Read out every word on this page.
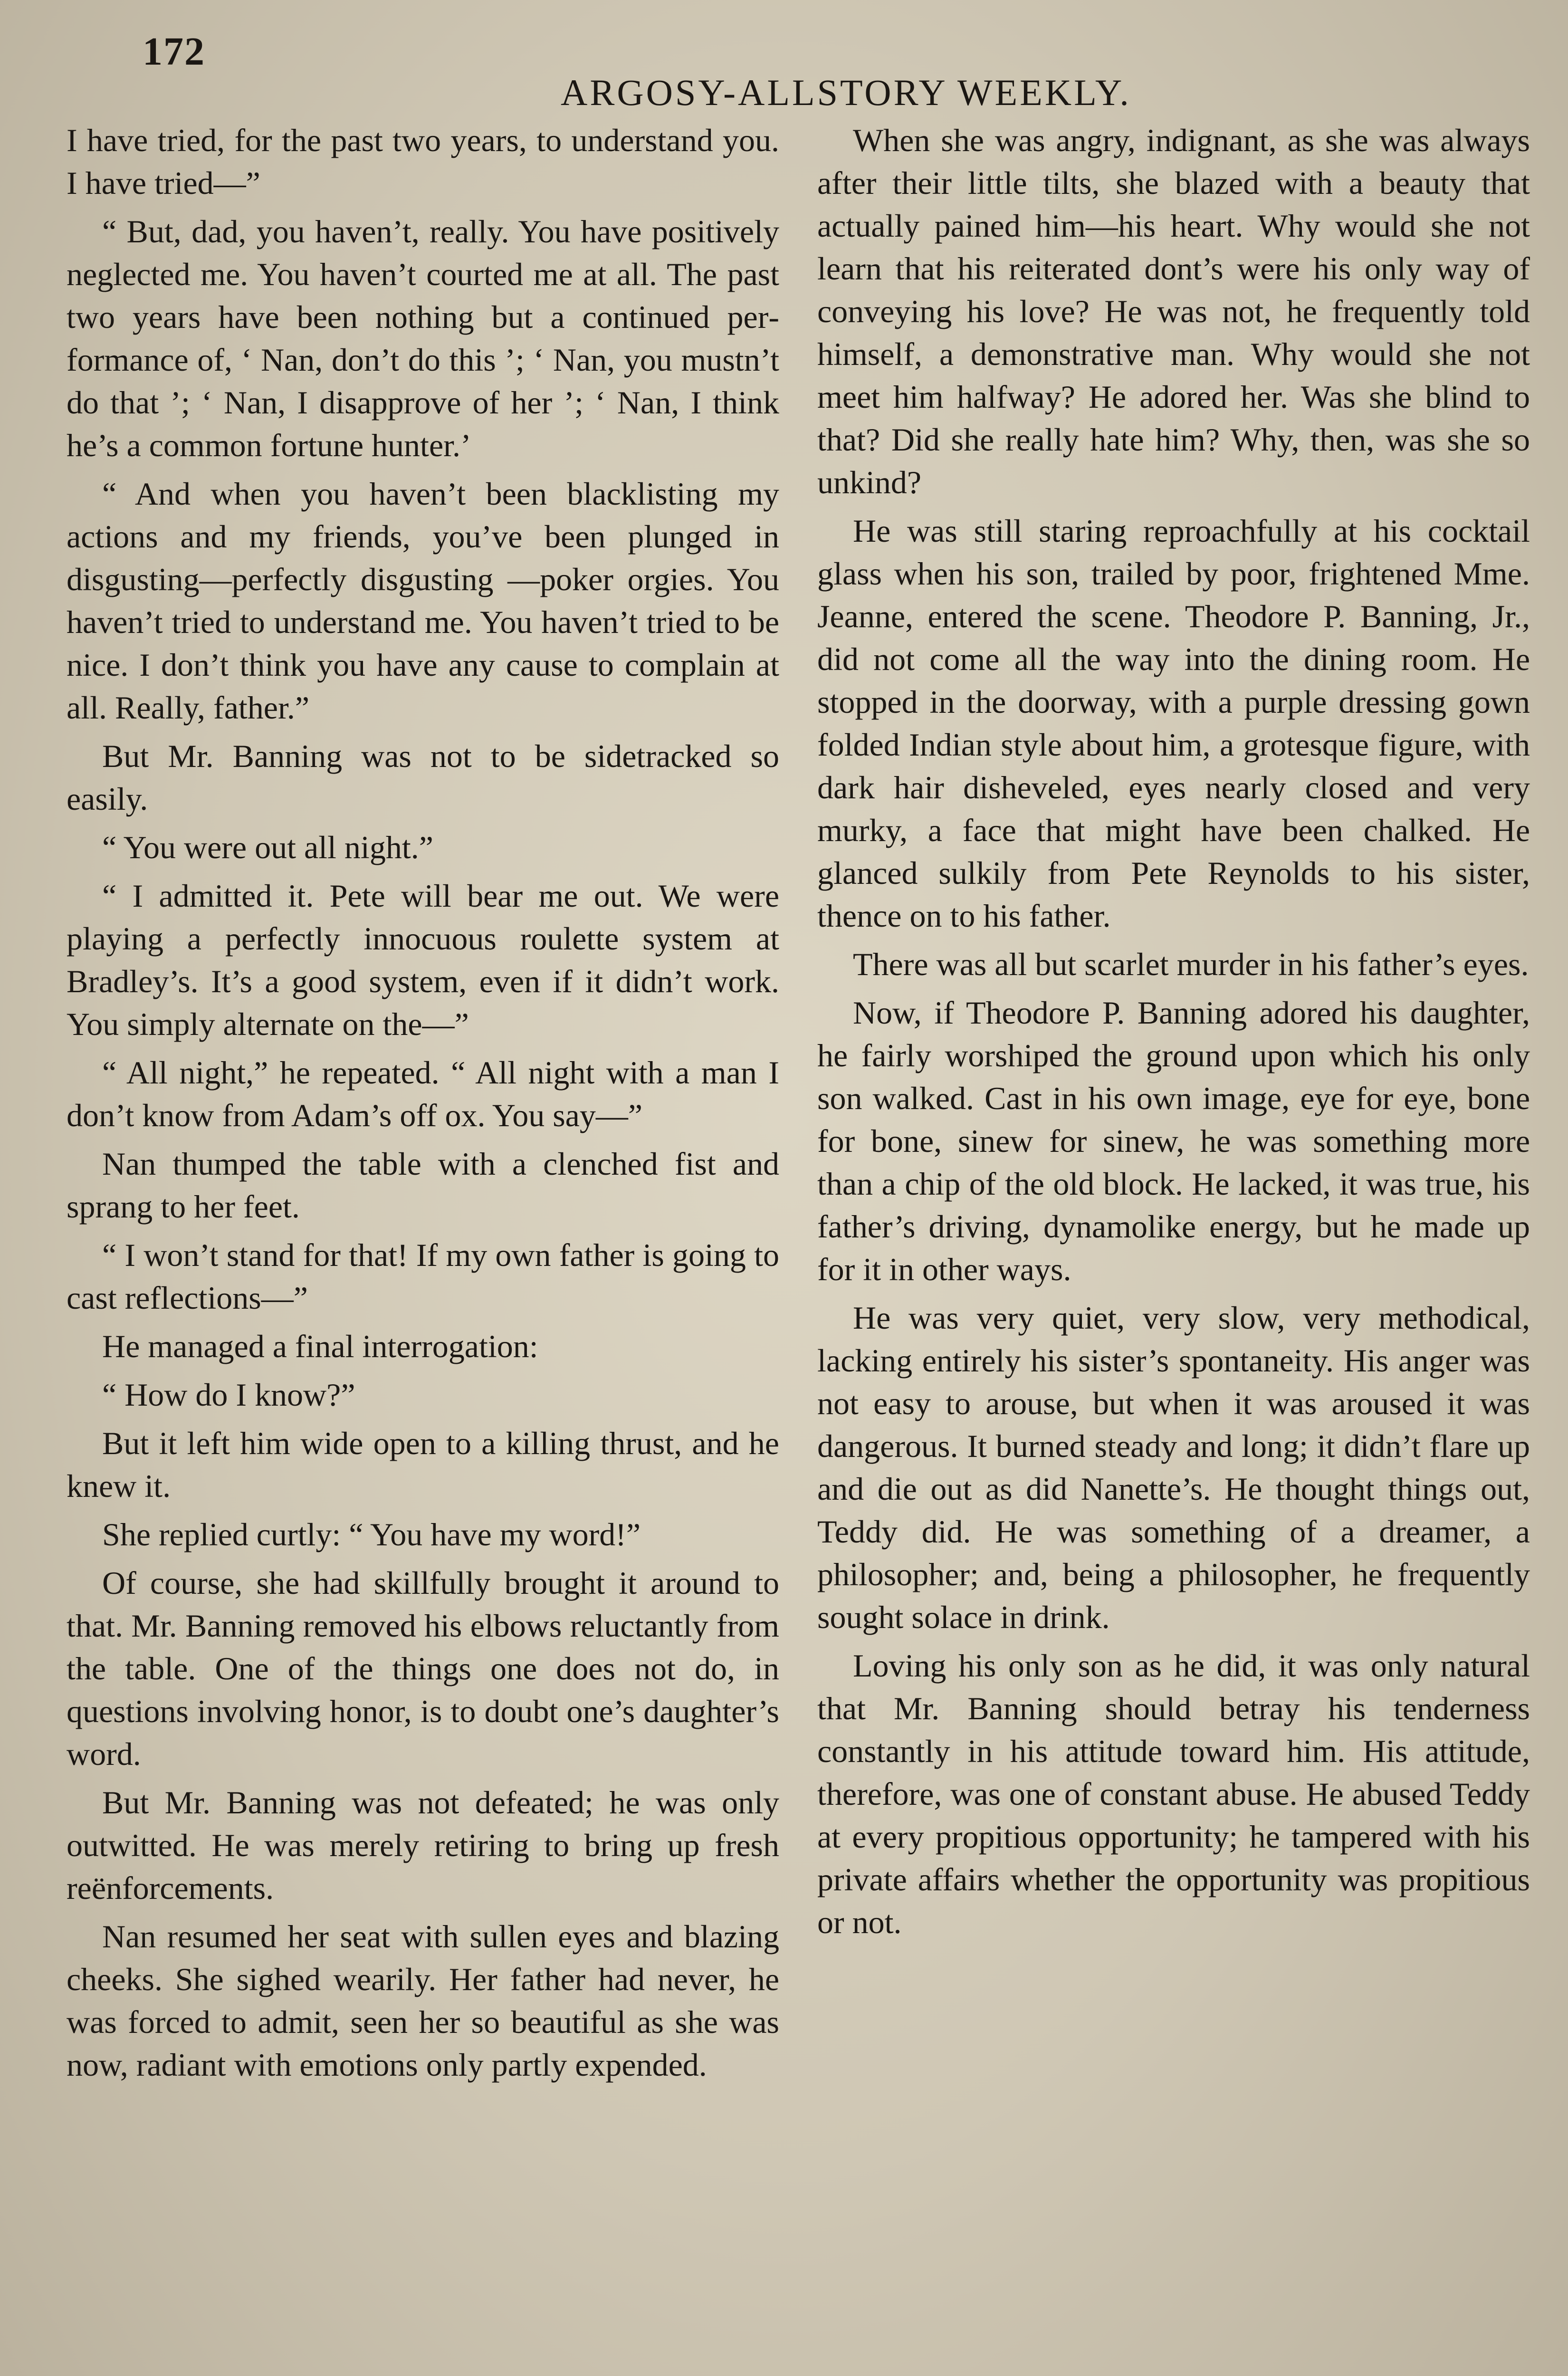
172
ARGOSY-ALLSTORY WEEKLY.

I have tried, for the past two years, to understand you. I have tried—”

“ But, dad, you haven’t, really. You have positively neglected me. You haven’t courted me at all. The past two years have been nothing but a continued performance of, ‘ Nan, don’t do this ’; ‘ Nan, you mustn’t do that ’; ‘ Nan, I disapprove of her ’; ‘ Nan, I think he’s a common fortune hunter.’

“ And when you haven’t been blacklisting my actions and my friends, you’ve been plunged in disgusting—perfectly disgusting —poker orgies. You haven’t tried to understand me. You haven’t tried to be nice. I don’t think you have any cause to complain at all. Really, father.”

But Mr. Banning was not to be sidetracked so easily.

“ You were out all night.”

“ I admitted it. Pete will bear me out. We were playing a perfectly innocuous roulette system at Bradley’s. It’s a good system, even if it didn’t work. You simply alternate on the—”

“ All night,” he repeated. “ All night with a man I don’t know from Adam’s off ox. You say—”

Nan thumped the table with a clenched fist and sprang to her feet.

“ I won’t stand for that! If my own father is going to cast reflections—”

He managed a final interrogation:

“ How do I know?”

But it left him wide open to a killing thrust, and he knew it.

She replied curtly: “ You have my word!”

Of course, she had skillfully brought it around to that. Mr. Banning removed his elbows reluctantly from the table. One of the things one does not do, in questions involving honor, is to doubt one’s daughter’s word.

But Mr. Banning was not defeated; he was only outwitted. He was merely retiring to bring up fresh reënforcements.

Nan resumed her seat with sullen eyes and blazing cheeks. She sighed wearily. Her father had never, he was forced to admit, seen her so beautiful as she was now, radiant with emotions only partly expended.

When she was angry, indignant, as she was always after their little tilts, she blazed with a beauty that actually pained him—his heart. Why would she not learn that his reiterated dont’s were his only way of conveying his love? He was not, he frequently told himself, a demonstrative man. Why would she not meet him halfway? He adored her. Was she blind to that? Did she really hate him? Why, then, was she so unkind?

He was still staring reproachfully at his cocktail glass when his son, trailed by poor, frightened Mme. Jeanne, entered the scene. Theodore P. Banning, Jr., did not come all the way into the dining room. He stopped in the doorway, with a purple dressing gown folded Indian style about him, a grotesque figure, with dark hair disheveled, eyes nearly closed and very murky, a face that might have been chalked. He glanced sulkily from Pete Reynolds to his sister, thence on to his father.

There was all but scarlet murder in his father’s eyes.

Now, if Theodore P. Banning adored his daughter, he fairly worshiped the ground upon which his only son walked. Cast in his own image, eye for eye, bone for bone, sinew for sinew, he was something more than a chip of the old block. He lacked, it was true, his father’s driving, dynamolike energy, but he made up for it in other ways.

He was very quiet, very slow, very methodical, lacking entirely his sister’s spontaneity. His anger was not easy to arouse, but when it was aroused it was dangerous. It burned steady and long; it didn’t flare up and die out as did Nanette’s. He thought things out, Teddy did. He was something of a dreamer, a philosopher; and, being a philosopher, he frequently sought solace in drink.

Loving his only son as he did, it was only natural that Mr. Banning should betray his tenderness constantly in his attitude toward him. His attitude, therefore, was one of constant abuse. He abused Teddy at every propitious opportunity; he tampered with his private affairs whether the opportunity was propitious or not.
